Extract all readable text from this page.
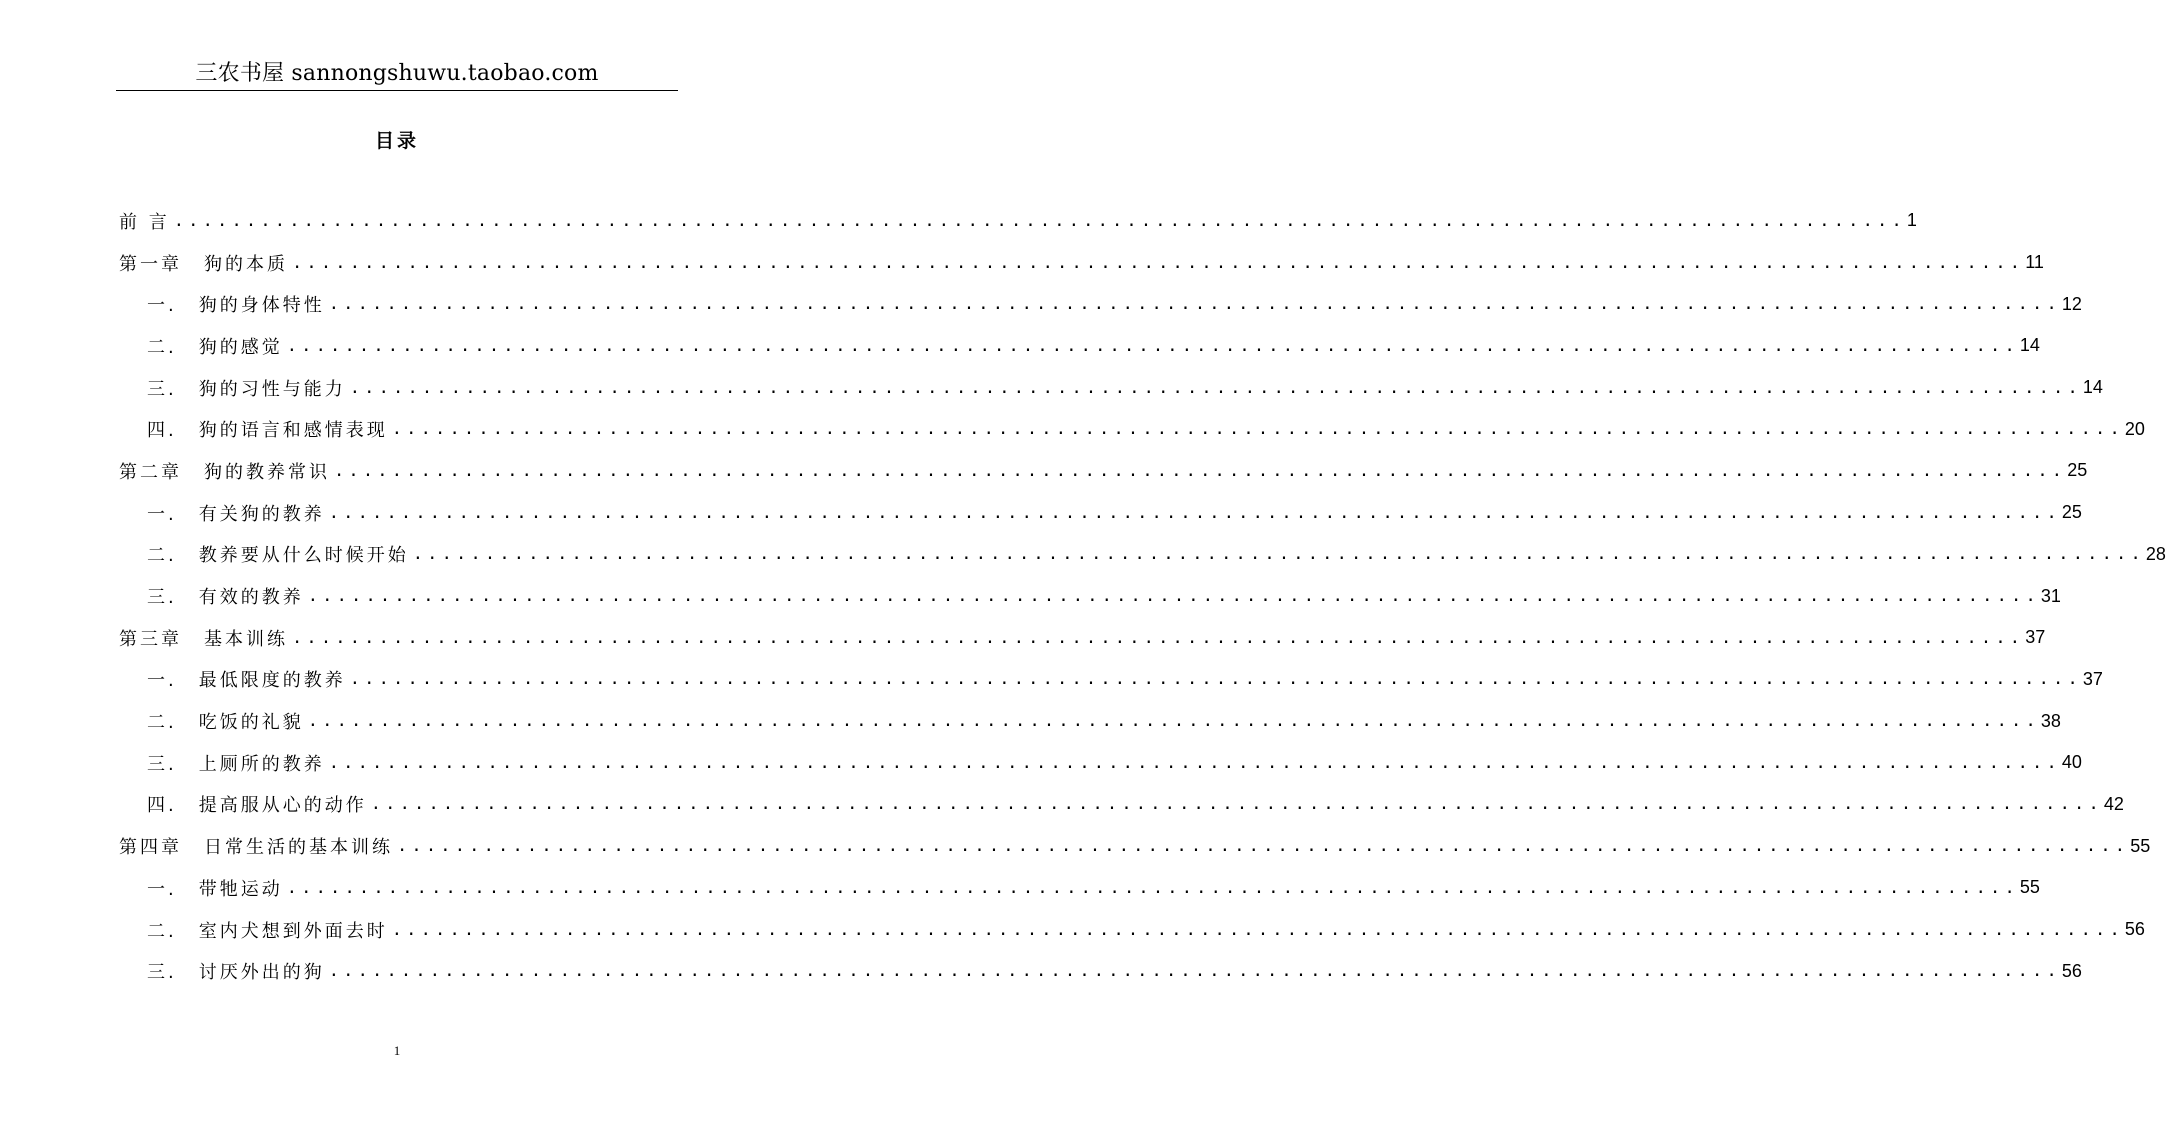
三农书屋 sannongshuwu.taobao.com
目录
前 言 ........................................................................................................................ 1
第一章 狗的本质 ........................................................................................................................ 11
一. 狗的身体特性 ........................................................................................................................ 12
二. 狗的感觉 ........................................................................................................................ 14
三. 狗的习性与能力 ........................................................................................................................ 14
四. 狗的语言和感情表现 ........................................................................................................................ 20
第二章 狗的教养常识 ........................................................................................................................ 25
一. 有关狗的教养 ........................................................................................................................ 25
二. 教养要从什么时候开始 ........................................................................................................................ 28
三. 有效的教养 ........................................................................................................................ 31
第三章 基本训练 ........................................................................................................................ 37
一. 最低限度的教养 ........................................................................................................................ 37
二. 吃饭的礼貌 ........................................................................................................................ 38
三. 上厕所的教养 ........................................................................................................................ 40
四. 提高服从心的动作 ........................................................................................................................ 42
第四章 日常生活的基本训练 ........................................................................................................................ 55
一. 带牠运动 ........................................................................................................................ 55
二. 室内犬想到外面去时 ........................................................................................................................ 56
三. 讨厌外出的狗 ........................................................................................................................ 56
1
